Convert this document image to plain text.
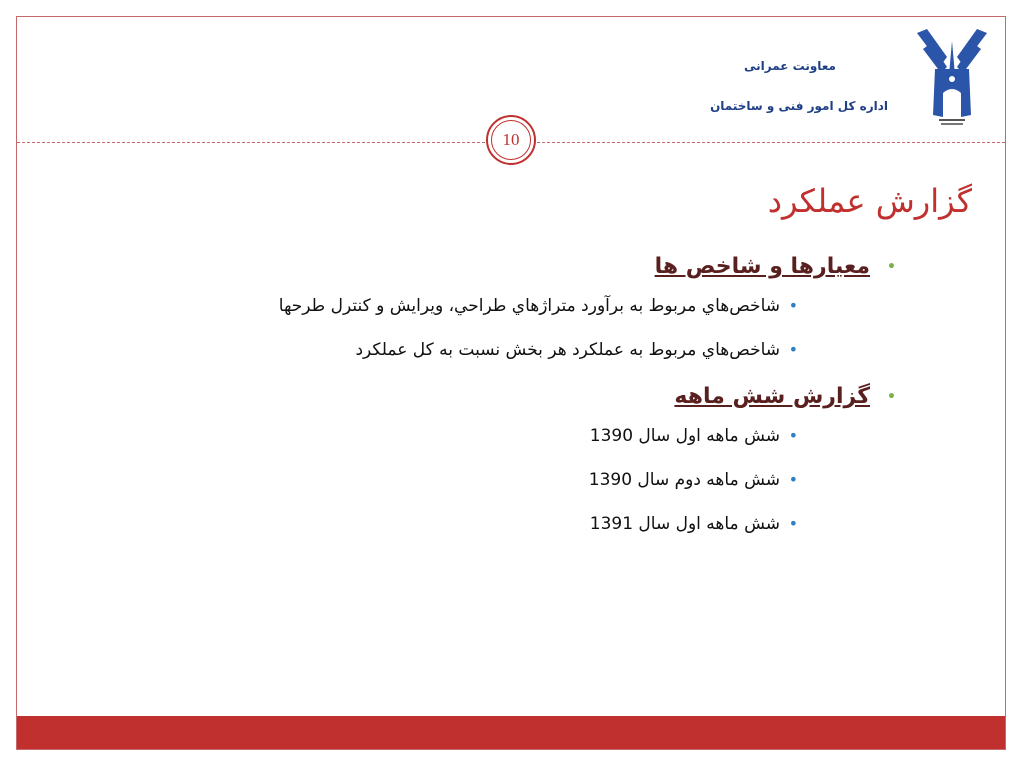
معاونت عمرانی
اداره کل امور فنی و ساختمان
10
گزارش عملکرد
•
معیارها و شاخص ها
•
شاخص‌هاي مربوط به برآورد متراژهاي طراحي، ويرايش و كنترل طرحها
•
شاخص‌هاي مربوط به عملكرد هر بخش نسبت به كل عملكرد
•
گزارش شش ماهه
•
شش ماهه اول سال 1390
•
شش ماهه دوم سال 1390
•
شش ماهه اول سال 1391
